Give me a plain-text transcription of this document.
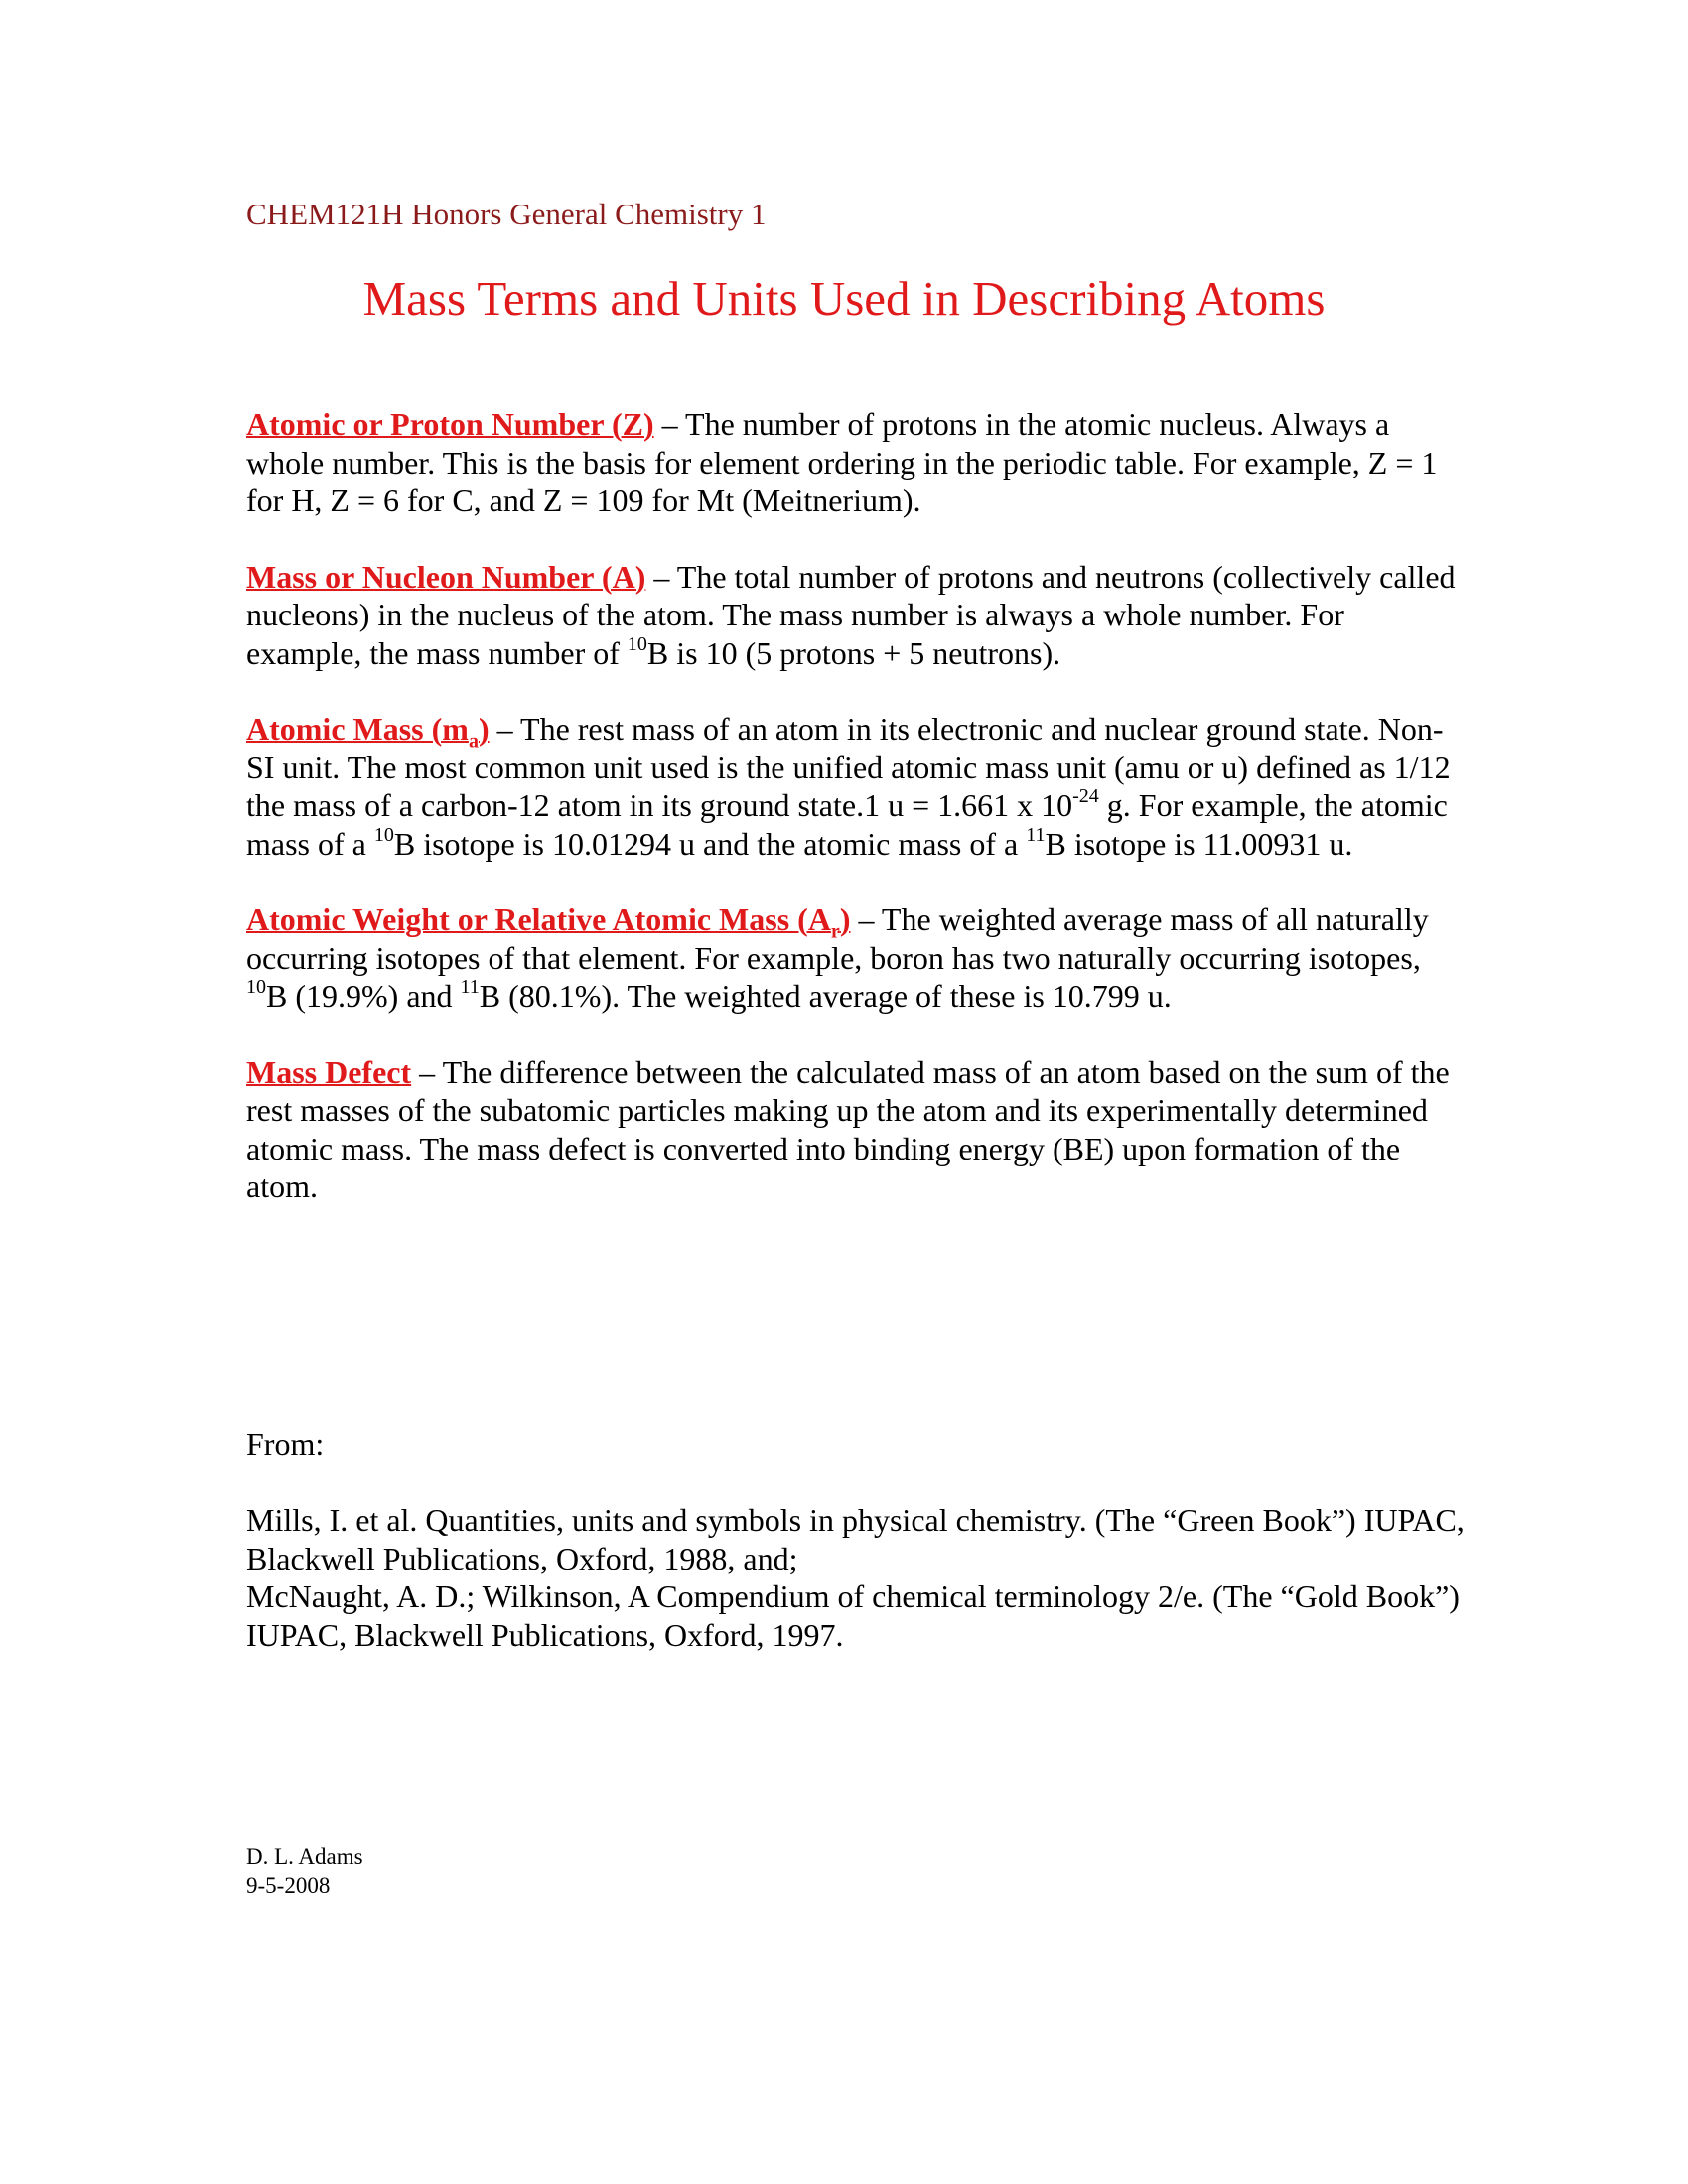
CHEM121H Honors General Chemistry 1
Mass Terms and Units Used in Describing Atoms

Atomic or Proton Number (Z) – The number of protons in the atomic nucleus. Always a whole number. This is the basis for element ordering in the periodic table. For example, Z = 1 for H, Z = 6 for C, and Z = 109 for Mt (Meitnerium).

Mass or Nucleon Number (A) – The total number of protons and neutrons (collectively called nucleons) in the nucleus of the atom. The mass number is always a whole number. For example, the mass number of $^{10}$B is 10 (5 protons + 5 neutrons).

Atomic Mass $(m_a)$ – The rest mass of an atom in its electronic and nuclear ground state. Non-SI unit. The most common unit used is the unified atomic mass unit (amu or u) defined as 1/12 the mass of a carbon-12 atom in its ground state.1 u = 1.661 x $10^{-24}$ g. For example, the atomic mass of a $^{10}$B isotope is 10.01294 u and the atomic mass of a $^{11}$B isotope is 11.00931 u.

Atomic Weight or Relative Atomic Mass $(A_r)$ – The weighted average mass of all naturally occurring isotopes of that element. For example, boron has two naturally occurring isotopes, $^{10}$B (19.9%) and $^{11}$B (80.1%). The weighted average of these is 10.799 u.

Mass Defect – The difference between the calculated mass of an atom based on the sum of the rest masses of the subatomic particles making up the atom and its experimentally determined atomic mass. The mass defect is converted into binding energy (BE) upon formation of the atom.

From:

Mills, I. et al. Quantities, units and symbols in physical chemistry. (The “Green Book”) IUPAC, Blackwell Publications, Oxford, 1988, and;

McNaught, A. D.; Wilkinson, A Compendium of chemical terminology 2/e. (The “Gold Book”) IUPAC, Blackwell Publications, Oxford, 1997.

D. L. Adams
9-5-2008
